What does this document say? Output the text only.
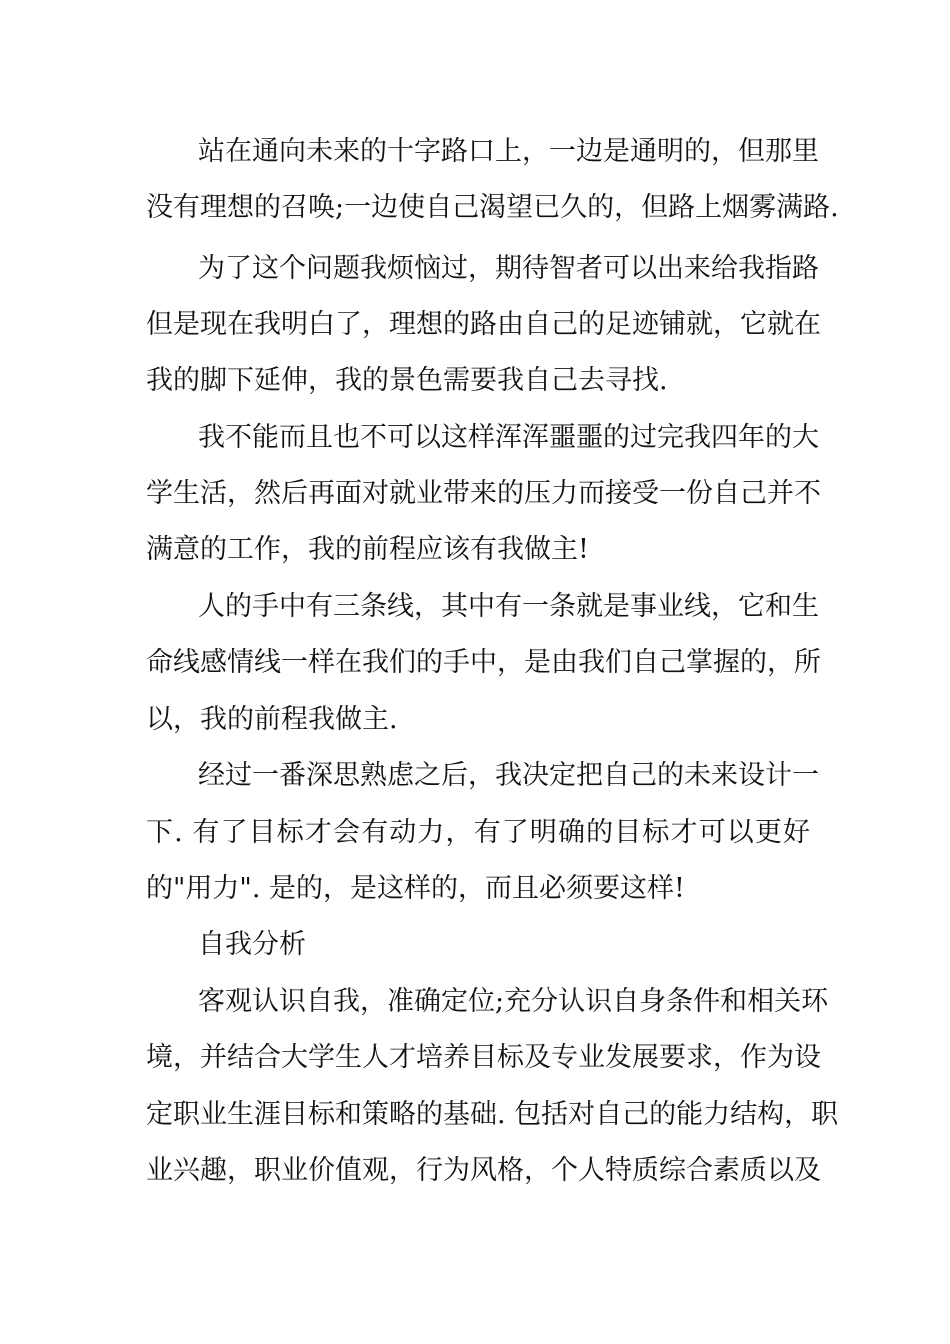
站在通向未来的十字路口上，一边是通明的，但那里
没有理想的召唤;一边使自己渴望已久的，但路上烟雾满路.
为了这个问题我烦恼过，期待智者可以出来给我指路
但是现在我明白了，理想的路由自己的足迹铺就，它就在
我的脚下延伸，我的景色需要我自己去寻找.
我不能而且也不可以这样浑浑噩噩的过完我四年的大
学生活，然后再面对就业带来的压力而接受一份自己并不
满意的工作，我的前程应该有我做主!
人的手中有三条线，其中有一条就是事业线，它和生
命线感情线一样在我们的手中，是由我们自己掌握的，所
以，我的前程我做主.
经过一番深思熟虑之后，我决定把自己的未来设计一
下. 有了目标才会有动力，有了明确的目标才可以更好
的"用力". 是的，是这样的，而且必须要这样!
自我分析
客观认识自我，准确定位;充分认识自身条件和相关环
境，并结合大学生人才培养目标及专业发展要求，作为设
定职业生涯目标和策略的基础. 包括对自己的能力结构，职
业兴趣，职业价值观，行为风格，个人特质综合素质以及
